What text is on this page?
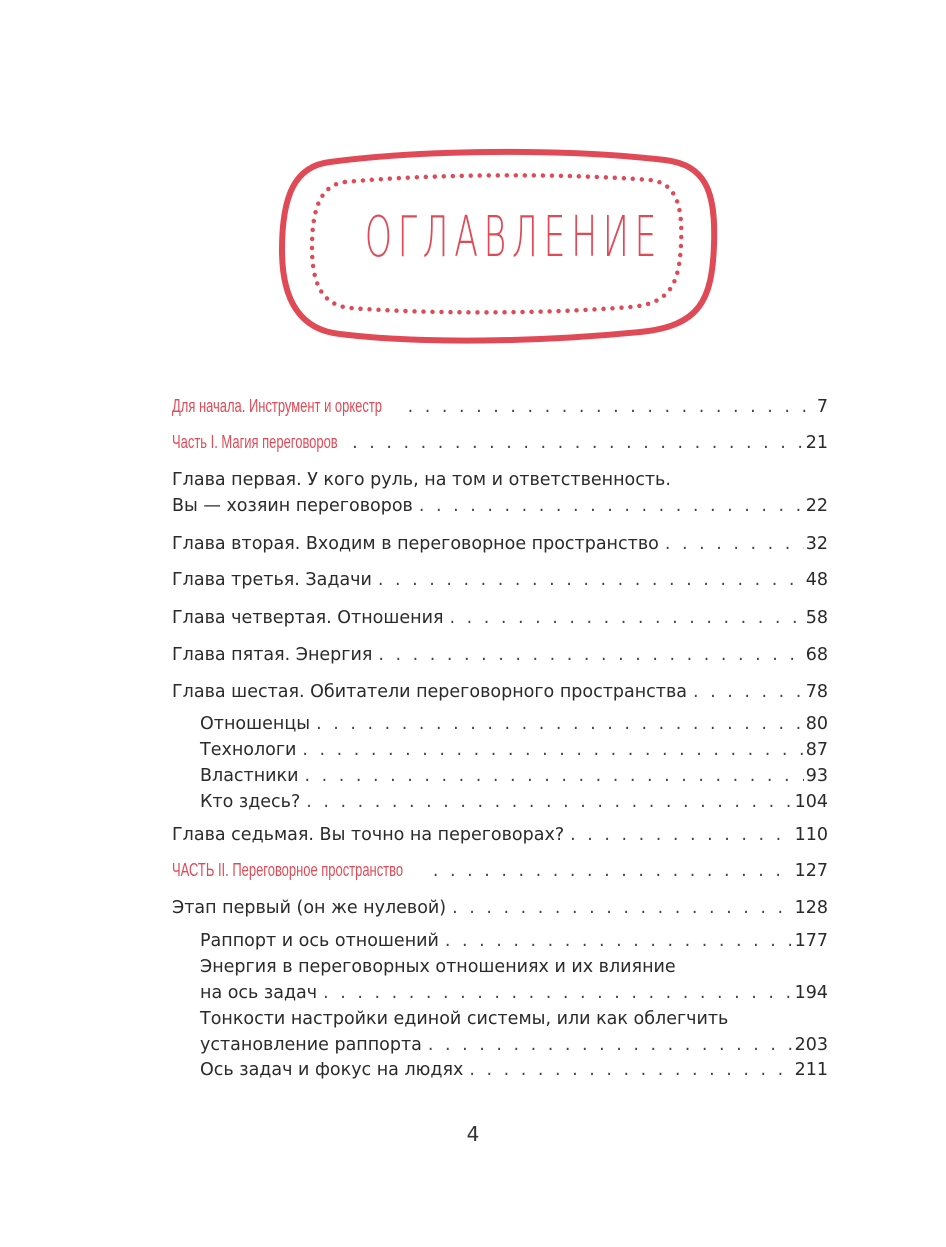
ОГЛАВЛЕНИЕ
Для начала. Инструмент и оркестр . . .	7
Часть I. Магия переговоров . . .	21
Глава первая. У кого руль, на том и ответственность.
Вы — хозяин переговоров . . .	22
Глава вторая. Входим в переговорное пространство . . .	32
Глава третья. Задачи . . .	48
Глава четвертая. Отношения . . .	58
Глава пятая. Энергия . . .	68
Глава шестая. Обитатели переговорного пространства . . .	78
Отношенцы . . .	80
Технологи . . .	87
Властники . . .	93
Кто здесь? . . .	104
Глава седьмая. Вы точно на переговорах? . . .	110
ЧАСТЬ II. Переговорное пространство . . .	127
Этап первый (он же нулевой) . . .	128
Раппорт и ось отношений . . .	177
Энергия в переговорных отношениях и их влияние
на ось задач . . .	194
Тонкости настройки единой системы, или как облегчить
установление раппорта . . .	203
Ось задач и фокус на людях . . .	211
4
